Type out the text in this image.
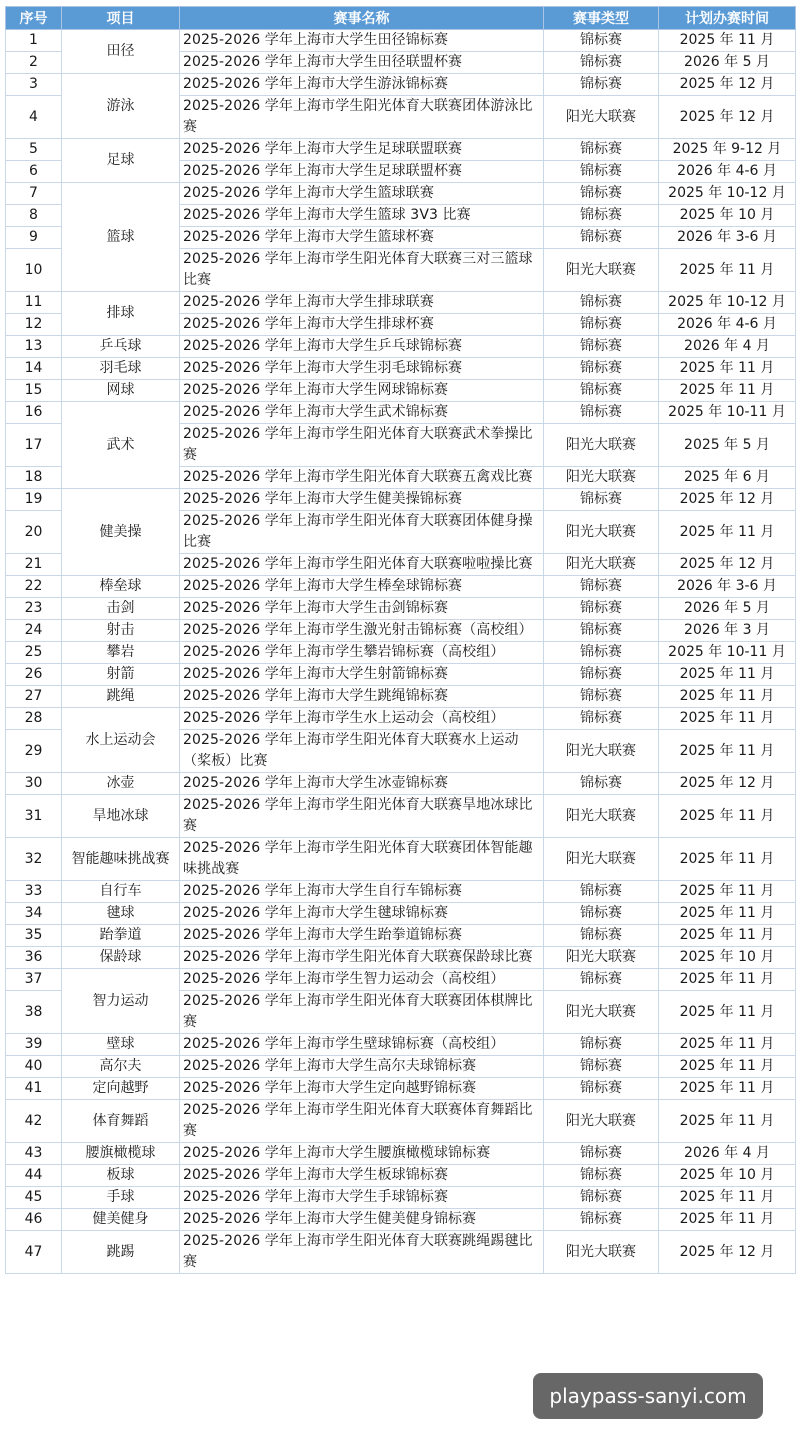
序号	项目	赛事名称	赛事类型	计划办赛时间
1	田径	2025-2026 学年上海市大学生田径锦标赛	锦标赛	2025 年 11 月
2		2025-2026 学年上海市大学生田径联盟杯赛	锦标赛	2026 年 5 月
3	游泳	2025-2026 学年上海市大学生游泳锦标赛	锦标赛	2025 年 12 月
4		2025-2026 学年上海市学生阳光体育大联赛团体游泳比赛	阳光大联赛	2025 年 12 月
5	足球	2025-2026 学年上海市大学生足球联盟联赛	锦标赛	2025 年 9-12 月
6		2025-2026 学年上海市大学生足球联盟杯赛	锦标赛	2026 年 4-6 月
7	篮球	2025-2026 学年上海市大学生篮球联赛	锦标赛	2025 年 10-12 月
8		2025-2026 学年上海市大学生篮球 3V3 比赛	锦标赛	2025 年 10 月
9		2025-2026 学年上海市大学生篮球杯赛	锦标赛	2026 年 3-6 月
10		2025-2026 学年上海市学生阳光体育大联赛三对三篮球比赛	阳光大联赛	2025 年 11 月
11	排球	2025-2026 学年上海市大学生排球联赛	锦标赛	2025 年 10-12 月
12		2025-2026 学年上海市大学生排球杯赛	锦标赛	2026 年 4-6 月
13	乒乓球	2025-2026 学年上海市大学生乒乓球锦标赛	锦标赛	2026 年 4 月
14	羽毛球	2025-2026 学年上海市大学生羽毛球锦标赛	锦标赛	2025 年 11 月
15	网球	2025-2026 学年上海市大学生网球锦标赛	锦标赛	2025 年 11 月
16	武术	2025-2026 学年上海市大学生武术锦标赛	锦标赛	2025 年 10-11 月
17		2025-2026 学年上海市学生阳光体育大联赛武术拳操比赛	阳光大联赛	2025 年 5 月
18		2025-2026 学年上海市学生阳光体育大联赛五禽戏比赛	阳光大联赛	2025 年 6 月
19	健美操	2025-2026 学年上海市大学生健美操锦标赛	锦标赛	2025 年 12 月
20		2025-2026 学年上海市学生阳光体育大联赛团体健身操比赛	阳光大联赛	2025 年 11 月
21		2025-2026 学年上海市学生阳光体育大联赛啦啦操比赛	阳光大联赛	2025 年 12 月
22	棒垒球	2025-2026 学年上海市大学生棒垒球锦标赛	锦标赛	2026 年 3-6 月
23	击剑	2025-2026 学年上海市大学生击剑锦标赛	锦标赛	2026 年 5 月
24	射击	2025-2026 学年上海市学生激光射击锦标赛（高校组）	锦标赛	2026 年 3 月
25	攀岩	2025-2026 学年上海市学生攀岩锦标赛（高校组）	锦标赛	2025 年 10-11 月
26	射箭	2025-2026 学年上海市大学生射箭锦标赛	锦标赛	2025 年 11 月
27	跳绳	2025-2026 学年上海市大学生跳绳锦标赛	锦标赛	2025 年 11 月
28	水上运动会	2025-2026 学年上海市学生水上运动会（高校组）	锦标赛	2025 年 11 月
29		2025-2026 学年上海市学生阳光体育大联赛水上运动（桨板）比赛	阳光大联赛	2025 年 11 月
30	冰壶	2025-2026 学年上海市大学生冰壶锦标赛	锦标赛	2025 年 12 月
31	旱地冰球	2025-2026 学年上海市学生阳光体育大联赛旱地冰球比赛	阳光大联赛	2025 年 11 月
32	智能趣味挑战赛	2025-2026 学年上海市学生阳光体育大联赛团体智能趣味挑战赛	阳光大联赛	2025 年 11 月
33	自行车	2025-2026 学年上海市大学生自行车锦标赛	锦标赛	2025 年 11 月
34	毽球	2025-2026 学年上海市大学生毽球锦标赛	锦标赛	2025 年 11 月
35	跆拳道	2025-2026 学年上海市大学生跆拳道锦标赛	锦标赛	2025 年 11 月
36	保龄球	2025-2026 学年上海市学生阳光体育大联赛保龄球比赛	阳光大联赛	2025 年 10 月
37	智力运动	2025-2026 学年上海市学生智力运动会（高校组）	锦标赛	2025 年 11 月
38		2025-2026 学年上海市学生阳光体育大联赛团体棋牌比赛	阳光大联赛	2025 年 11 月
39	壁球	2025-2026 学年上海市学生壁球锦标赛（高校组）	锦标赛	2025 年 11 月
40	高尔夫	2025-2026 学年上海市大学生高尔夫球锦标赛	锦标赛	2025 年 11 月
41	定向越野	2025-2026 学年上海市大学生定向越野锦标赛	锦标赛	2025 年 11 月
42	体育舞蹈	2025-2026 学年上海市学生阳光体育大联赛体育舞蹈比赛	阳光大联赛	2025 年 11 月
43	腰旗橄榄球	2025-2026 学年上海市大学生腰旗橄榄球锦标赛	锦标赛	2026 年 4 月
44	板球	2025-2026 学年上海市大学生板球锦标赛	锦标赛	2025 年 10 月
45	手球	2025-2026 学年上海市大学生手球锦标赛	锦标赛	2025 年 11 月
46	健美健身	2025-2026 学年上海市大学生健美健身锦标赛	锦标赛	2025 年 11 月
47	跳踢	2025-2026 学年上海市学生阳光体育大联赛跳绳踢毽比赛	阳光大联赛	2025 年 12 月
playpass-sanyi.com
